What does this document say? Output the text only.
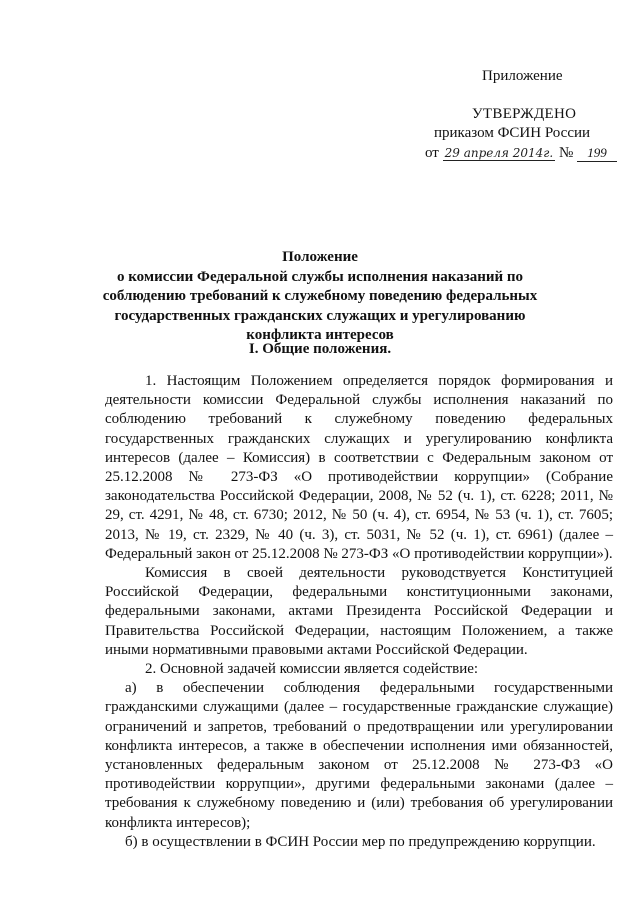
Приложение
УТВЕРЖДЕНО
приказом ФСИН России
от 29 апреля 2014г. № 199
Положение
о комиссии Федеральной службы исполнения наказаний по соблюдению требований к служебному поведению федеральных государственных гражданских служащих и урегулированию конфликта интересов
I. Общие положения.

1. Настоящим Положением определяется порядок формирования и деятельности комиссии Федеральной службы исполнения наказаний по соблюдению требований к служебному поведению федеральных государственных гражданских служащих и урегулированию конфликта интересов (далее – Комиссия) в соответствии с Федеральным законом от 25.12.2008 № 273-ФЗ «О противодействии коррупции» (Собрание законодательства Российской Федерации, 2008, № 52 (ч. 1), ст. 6228; 2011, № 29, ст. 4291, № 48, ст. 6730; 2012, № 50 (ч. 4), ст. 6954, № 53 (ч. 1), ст. 7605; 2013, № 19, ст. 2329, № 40 (ч. 3), ст. 5031, № 52 (ч. 1), ст. 6961) (далее – Федеральный закон от 25.12.2008 № 273-ФЗ «О противодействии коррупции»).

Комиссия в своей деятельности руководствуется Конституцией Российской Федерации, федеральными конституционными законами, федеральными законами, актами Президента Российской Федерации и Правительства Российской Федерации, настоящим Положением, а также иными нормативными правовыми актами Российской Федерации.

2. Основной задачей комиссии является содействие:

а) в обеспечении соблюдения федеральными государственными гражданскими служащими (далее – государственные гражданские служащие) ограничений и запретов, требований о предотвращении или урегулировании конфликта интересов, а также в обеспечении исполнения ими обязанностей, установленных федеральным законом от 25.12.2008 № 273-ФЗ «О противодействии коррупции», другими федеральными законами (далее – требования к служебному поведению и (или) требования об урегулировании конфликта интересов);

б) в осуществлении в ФСИН России мер по предупреждению коррупции.
